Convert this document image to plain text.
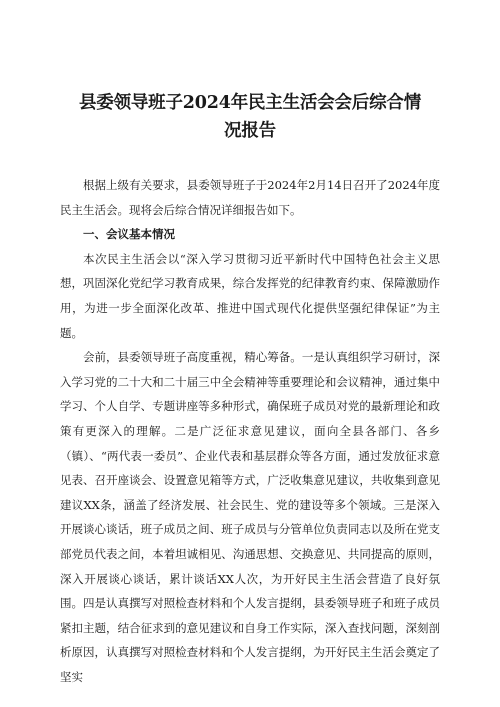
县委领导班子2024年民主生活会会后综合情
况报告

根据上级有关要求，县委领导班子于2024年2月14日召开了2024年度民主生活会。现将会后综合情况详细报告如下。

一、会议基本情况

本次民主生活会以“深入学习贯彻习近平新时代中国特色社会主义思想，巩固深化党纪学习教育成果，综合发挥党的纪律教育约束、保障激励作用，为进一步全面深化改革、推进中国式现代化提供坚强纪律保证”为主题。

会前，县委领导班子高度重视，精心筹备。一是认真组织学习研讨，深入学习党的二十大和二十届三中全会精神等重要理论和会议精神，通过集中学习、个人自学、专题讲座等多种形式，确保班子成员对党的最新理论和政策有更深入的理解。二是广泛征求意见建议，面向全县各部门、各乡（镇）、“两代表一委员”、企业代表和基层群众等各方面，通过发放征求意见表、召开座谈会、设置意见箱等方式，广泛收集意见建议，共收集到意见建议XX条，涵盖了经济发展、社会民生、党的建设等多个领域。三是深入开展谈心谈话，班子成员之间、班子成员与分管单位负责同志以及所在党支部党员代表之间，本着坦诚相见、沟通思想、交换意见、共同提高的原则，深入开展谈心谈话，累计谈话XX人次，为开好民主生活会营造了良好氛围。四是认真撰写对照检查材料和个人发言提纲，县委领导班子和班子成员紧扣主题，结合征求到的意见建议和自身工作实际，深入查找问题，深刻剖析原因，认真撰写对照检查材料和个人发言提纲，为开好民主生活会奠定了坚实
